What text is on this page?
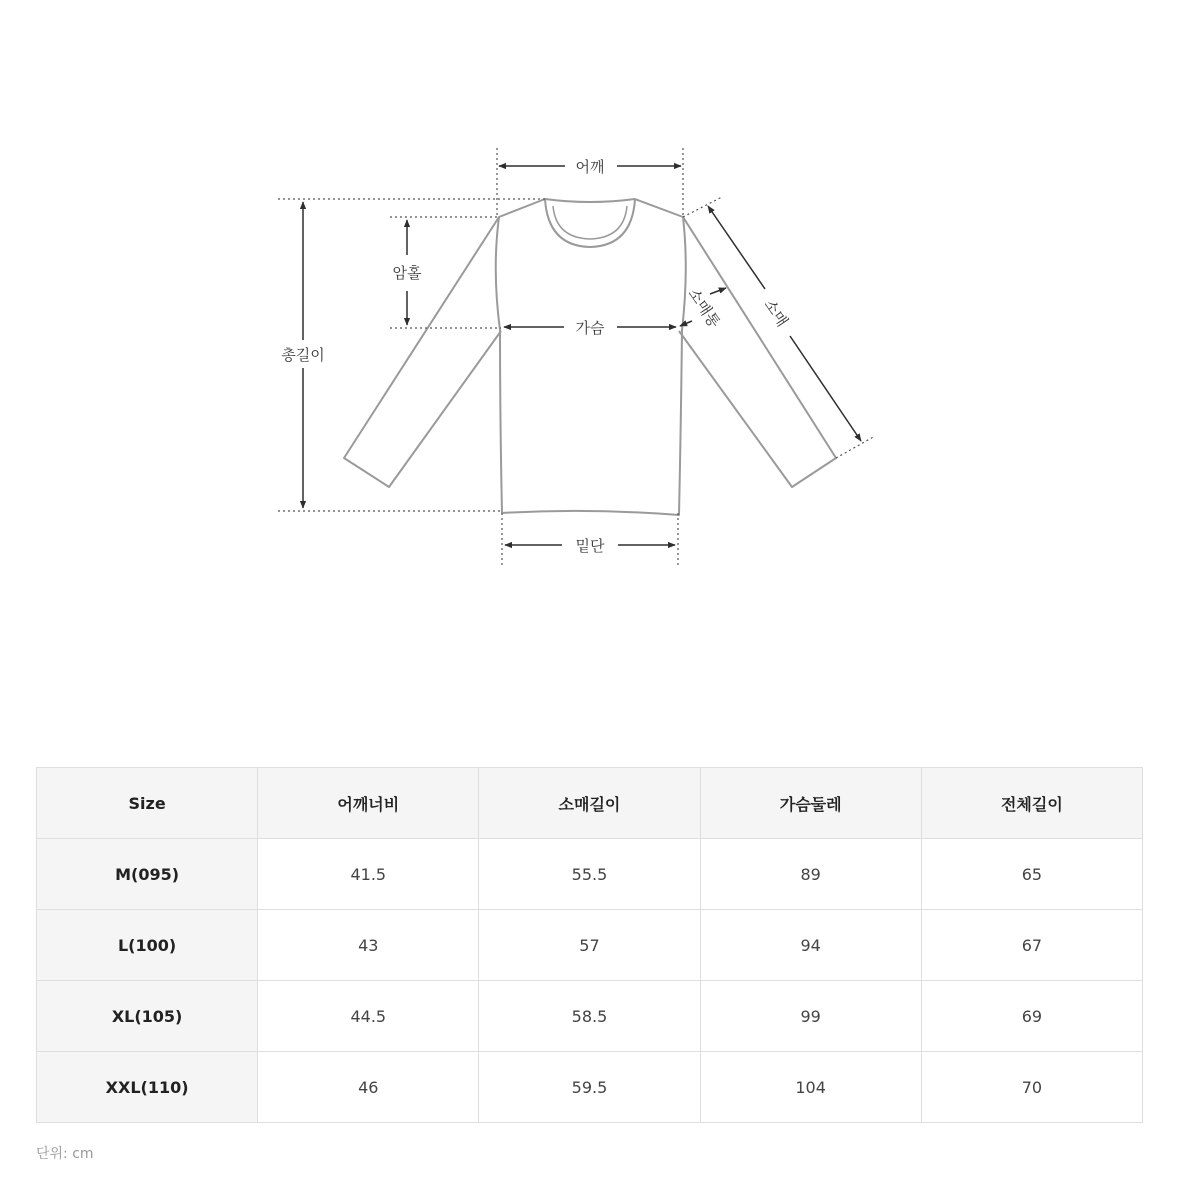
어깨
암홀
총길이
가슴
밑단
소매
소매통
Size	어깨너비	소매길이	가슴둘레	전체길이
M(095)	41.5	55.5	89	65
L(100)	43	57	94	67
XL(105)	44.5	58.5	99	69
XXL(110)	46	59.5	104	70
단위: cm
